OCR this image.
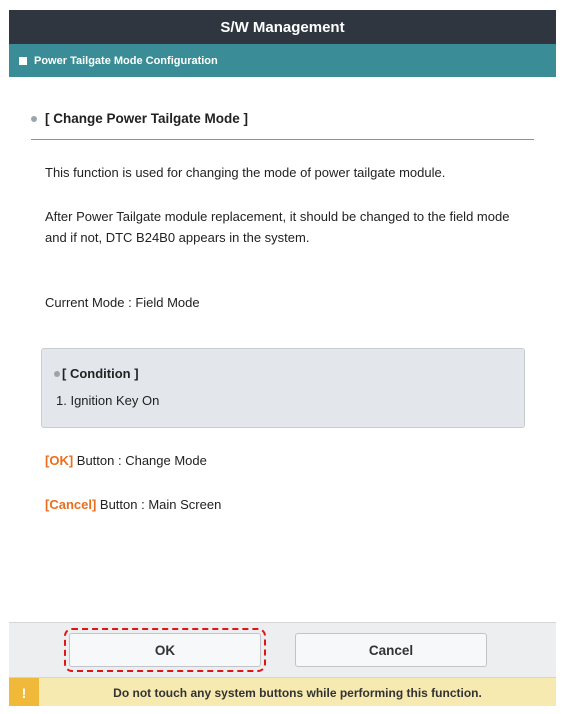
S/W Management
Power Tailgate Mode Configuration
[ Change Power Tailgate Mode ]
This function is used for changing the mode of power tailgate module.
After Power Tailgate module replacement, it should be changed to the field mode and if not, DTC B24B0 appears in the system.
Current Mode : Field Mode
[ Condition ]
1. Ignition Key On
[OK] Button : Change Mode
[Cancel] Button : Main Screen
OK	Cancel
!	Do not touch any system buttons while performing this function.
